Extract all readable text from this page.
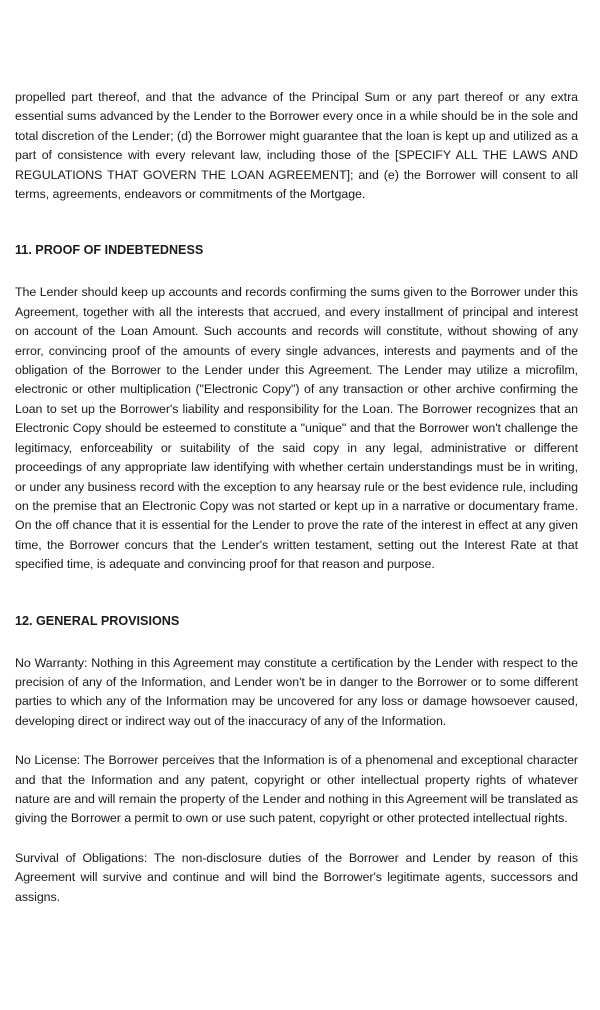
propelled part thereof, and that the advance of the Principal Sum or any part thereof or any extra essential sums advanced by the Lender to the Borrower every once in a while should be in the sole and total discretion of the Lender; (d) the Borrower might guarantee that the loan is kept up and utilized as a part of consistence with every relevant law, including those of the [SPECIFY ALL THE LAWS AND REGULATIONS THAT GOVERN THE LOAN AGREEMENT]; and (e) the Borrower will consent to all terms, agreements, endeavors or commitments of the Mortgage.

11. PROOF OF INDEBTEDNESS

The Lender should keep up accounts and records confirming the sums given to the Borrower under this Agreement, together with all the interests that accrued, and every installment of principal and interest on account of the Loan Amount. Such accounts and records will constitute, without showing of any error, convincing proof of the amounts of every single advances, interests and payments and of the obligation of the Borrower to the Lender under this Agreement. The Lender may utilize a microfilm, electronic or other multiplication ("Electronic Copy") of any transaction or other archive confirming the Loan to set up the Borrower's liability and responsibility for the Loan. The Borrower recognizes that an Electronic Copy should be esteemed to constitute a "unique" and that the Borrower won't challenge the legitimacy, enforceability or suitability of the said copy in any legal, administrative or different proceedings of any appropriate law identifying with whether certain understandings must be in writing, or under any business record with the exception to any hearsay rule or the best evidence rule, including on the premise that an Electronic Copy was not started or kept up in a narrative or documentary frame. On the off chance that it is essential for the Lender to prove the rate of the interest in effect at any given time, the Borrower concurs that the Lender's written testament, setting out the Interest Rate at that specified time, is adequate and convincing proof for that reason and purpose.

12. GENERAL PROVISIONS

No Warranty: Nothing in this Agreement may constitute a certification by the Lender with respect to the precision of any of the Information, and Lender won't be in danger to the Borrower or to some different parties to which any of the Information may be uncovered for any loss or damage howsoever caused, developing direct or indirect way out of the inaccuracy of any of the Information.

No License: The Borrower perceives that the Information is of a phenomenal and exceptional character and that the Information and any patent, copyright or other intellectual property rights of whatever nature are and will remain the property of the Lender and nothing in this Agreement will be translated as giving the Borrower a permit to own or use such patent, copyright or other protected intellectual rights.

Survival of Obligations: The non-disclosure duties of the Borrower and Lender by reason of this Agreement will survive and continue and will bind the Borrower's legitimate agents, successors and assigns.
